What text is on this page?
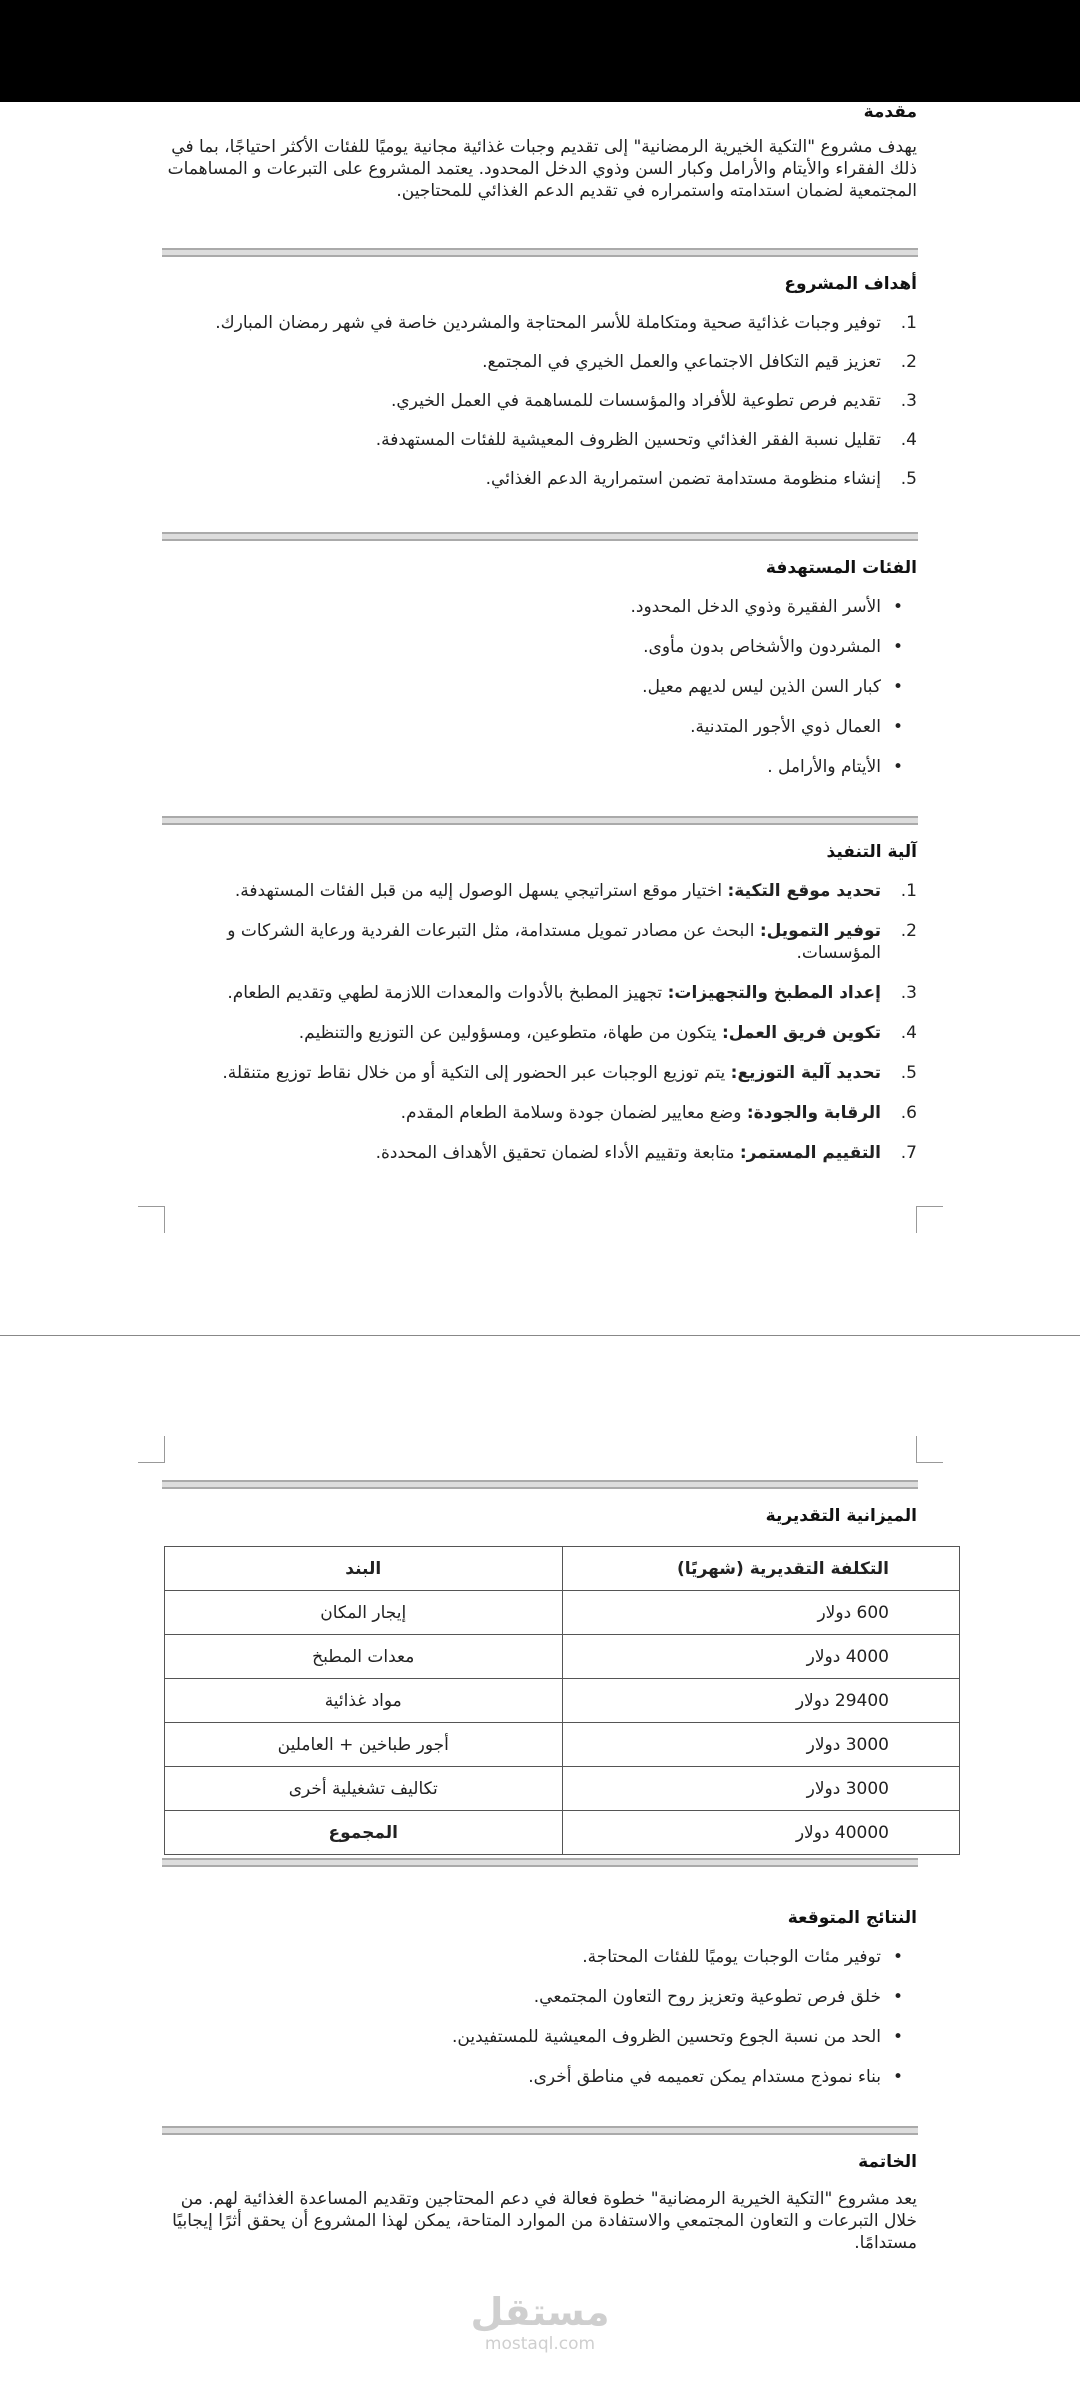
مقدمة

يهدف مشروع "التكية الخيرية الرمضانية" إلى تقديم وجبات غذائية مجانية يوميًا للفئات الأكثر احتياجًا، بما في ذلك الفقراء والأيتام والأرامل وكبار السن وذوي الدخل المحدود. يعتمد المشروع على التبرعات و المساهمات المجتمعية لضمان استدامته واستمراره في تقديم الدعم الغذائي للمحتاجين.

أهداف المشروع
1.
توفير وجبات غذائية صحية ومتكاملة للأسر المحتاجة والمشردين خاصة في شهر رمضان المبارك.
2.
تعزيز قيم التكافل الاجتماعي والعمل الخيري في المجتمع.
3.
تقديم فرص تطوعية للأفراد والمؤسسات للمساهمة في العمل الخيري.
4.
تقليل نسبة الفقر الغذائي وتحسين الظروف المعيشية للفئات المستهدفة.
5.
إنشاء منظومة مستدامة تضمن استمرارية الدعم الغذائي.
الفئات المستهدفة
•
الأسر الفقيرة وذوي الدخل المحدود.
•
المشردون والأشخاص بدون مأوى.
•
كبار السن الذين ليس لديهم معيل.
•
العمال ذوي الأجور المتدنية.
•
الأيتام والأرامل .
آلية التنفيذ
1.
تحديد موقع التكية: اختيار موقع استراتيجي يسهل الوصول إليه من قبل الفئات المستهدفة.
2.
توفير التمويل: البحث عن مصادر تمويل مستدامة، مثل التبرعات الفردية ورعاية الشركات و المؤسسات.
3.
إعداد المطبخ والتجهيزات: تجهيز المطبخ بالأدوات والمعدات اللازمة لطهي وتقديم الطعام.
4.
تكوين فريق العمل: يتكون من طهاة، متطوعين، ومسؤولين عن التوزيع والتنظيم.
5.
تحديد آلية التوزيع: يتم توزيع الوجبات عبر الحضور إلى التكية أو من خلال نقاط توزيع متنقلة.
6.
الرقابة والجودة: وضع معايير لضمان جودة وسلامة الطعام المقدم.
7.
التقييم المستمر: متابعة وتقييم الأداء لضمان تحقيق الأهداف المحددة.
الميزانية التقديرية
التكلفة التقديرية (شهريًا)	البند
600 دولار	إيجار المكان
4000 دولار	معدات المطبخ
29400 دولار	مواد غذائية
3000 دولار	أجور طباخين + العاملين
3000 دولار	تكاليف تشغيلية أخرى
40000 دولار	المجموع
النتائج المتوقعة
•
توفير مئات الوجبات يوميًا للفئات المحتاجة.
•
خلق فرص تطوعية وتعزيز روح التعاون المجتمعي.
•
الحد من نسبة الجوع وتحسين الظروف المعيشية للمستفيدين.
•
بناء نموذج مستدام يمكن تعميمه في مناطق أخرى.
الخاتمة

يعد مشروع "التكية الخيرية الرمضانية" خطوة فعالة في دعم المحتاجين وتقديم المساعدة الغذائية لهم. من خلال التبرعات و التعاون المجتمعي والاستفادة من الموارد المتاحة، يمكن لهذا المشروع أن يحقق أثرًا إيجابيًا مستدامًا.

مستقل
mostaql.com
